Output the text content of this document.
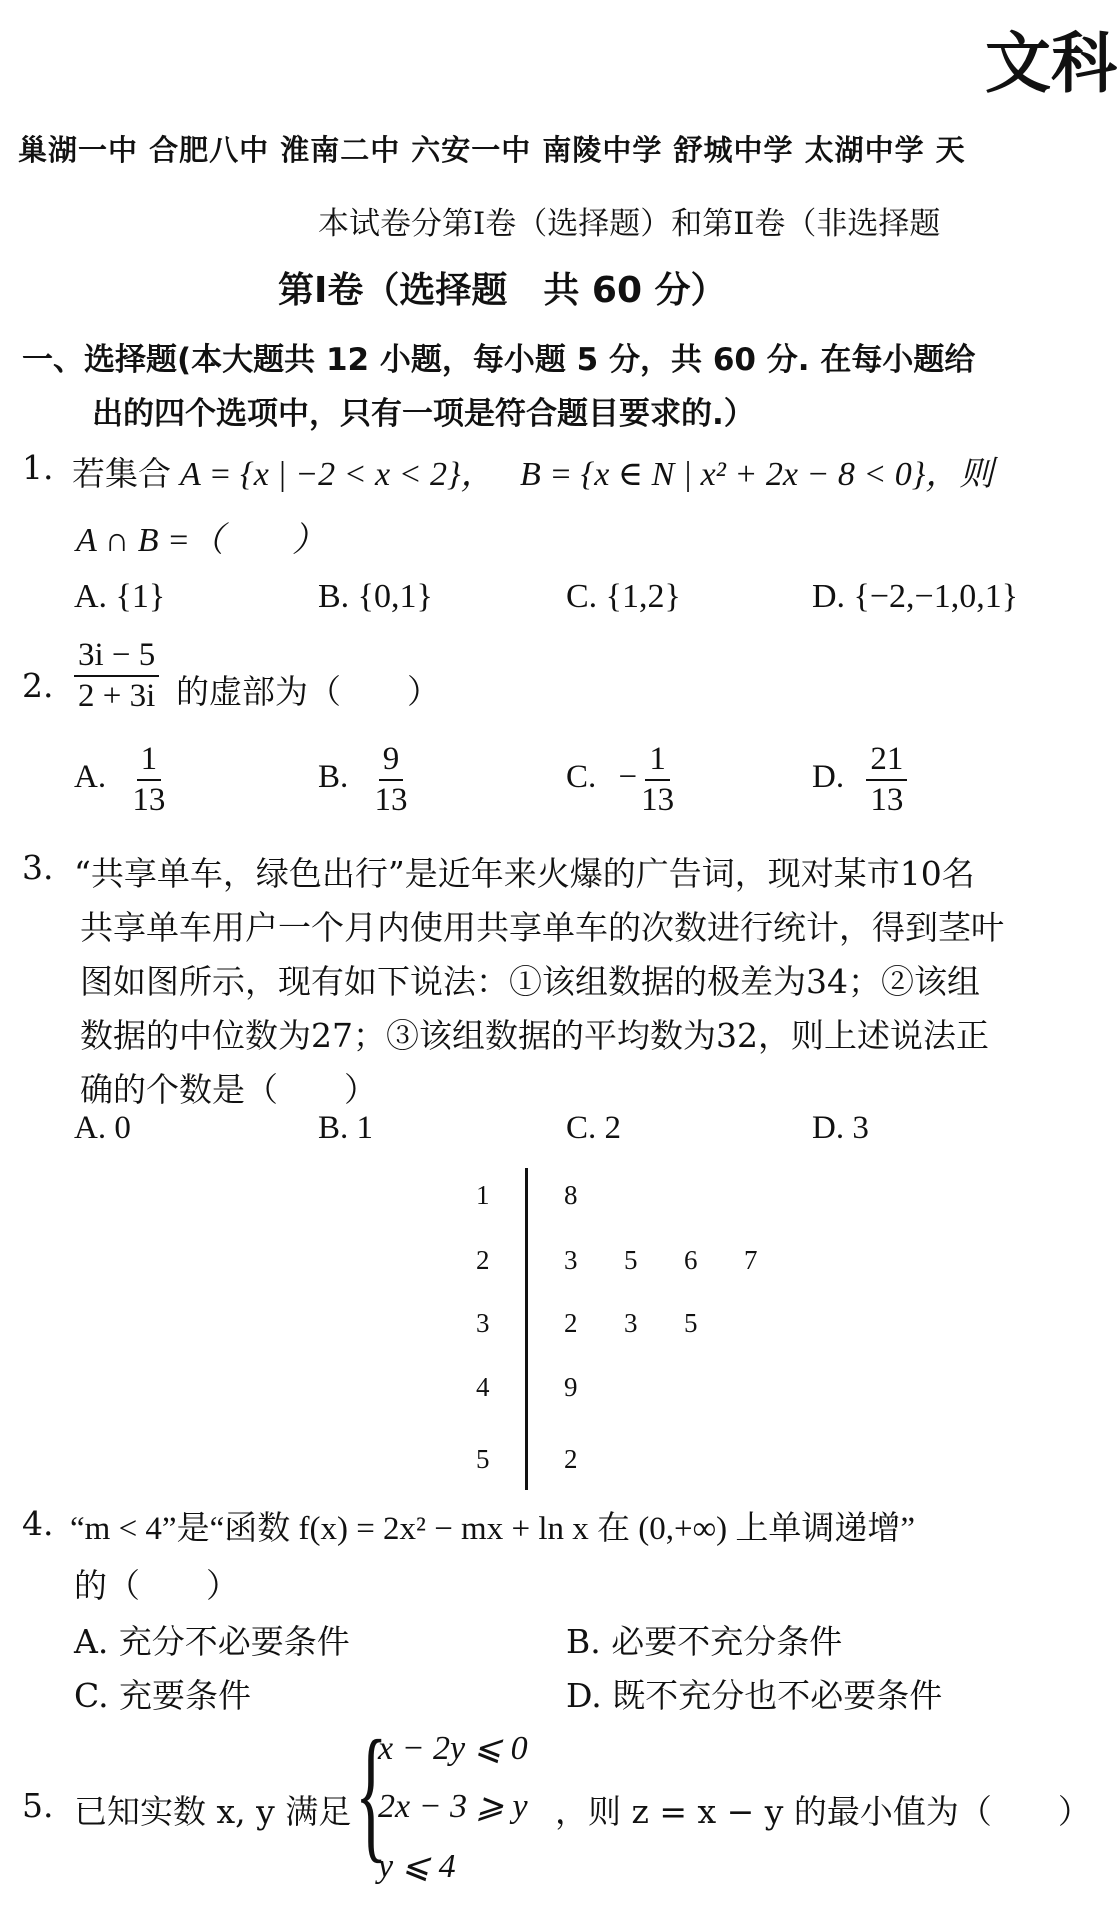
文科
巢湖一中 合肥八中 淮南二中 六安一中 南陵中学 舒城中学 太湖中学 天
本试卷分第Ⅰ卷（选择题）和第Ⅱ卷（非选择题
第Ⅰ卷（选择题　共 60 分）
一、选择题(本大题共 12 小题，每小题 5 分，共 60 分. 在每小题给
出的四个选项中，只有一项是符合题目要求的.）
1. 若集合 A = {x | −2 < x < 2}， B = {x ∈ N | x² + 2x − 8 < 0}，则
A ∩ B =（　　）
A. {1}	B. {0,1}	C. {1,2}	D. {−2,−1,0,1}
2. $\frac{3i - 5}{2 + 3i}$ 的虚部为（　　）
A. $\frac{1}{13}$	B. $\frac{9}{13}$	C. − $\frac{1}{13}$	D. $\frac{21}{13}$
3. “共享单车，绿色出行”是近年来火爆的广告词，现对某市10名
共享单车用户一个月内使用共享单车的次数进行统计，得到茎叶
图如图所示，现有如下说法：①该组数据的极差为34；②该组
数据的中位数为27；③该组数据的平均数为32，则上述说法正
确的个数是（　　）
A. 0	B. 1	C. 2	D. 3
1	8
2	3 5 6 7
3	2 3 5
4	9
5	2
4. “m < 4”是“函数 f(x) = 2x² − mx + ln x 在 (0,+∞) 上单调递增”
的（　　）
A. 充分不必要条件	B. 必要不充分条件
C. 充要条件	D. 既不充分也不必要条件
5. 已知实数 x, y 满足 {
x − 2y ⩽ 0
2x − 3 ⩾ y
y ⩽ 4
，则 z = x − y 的最小值为（　　）
